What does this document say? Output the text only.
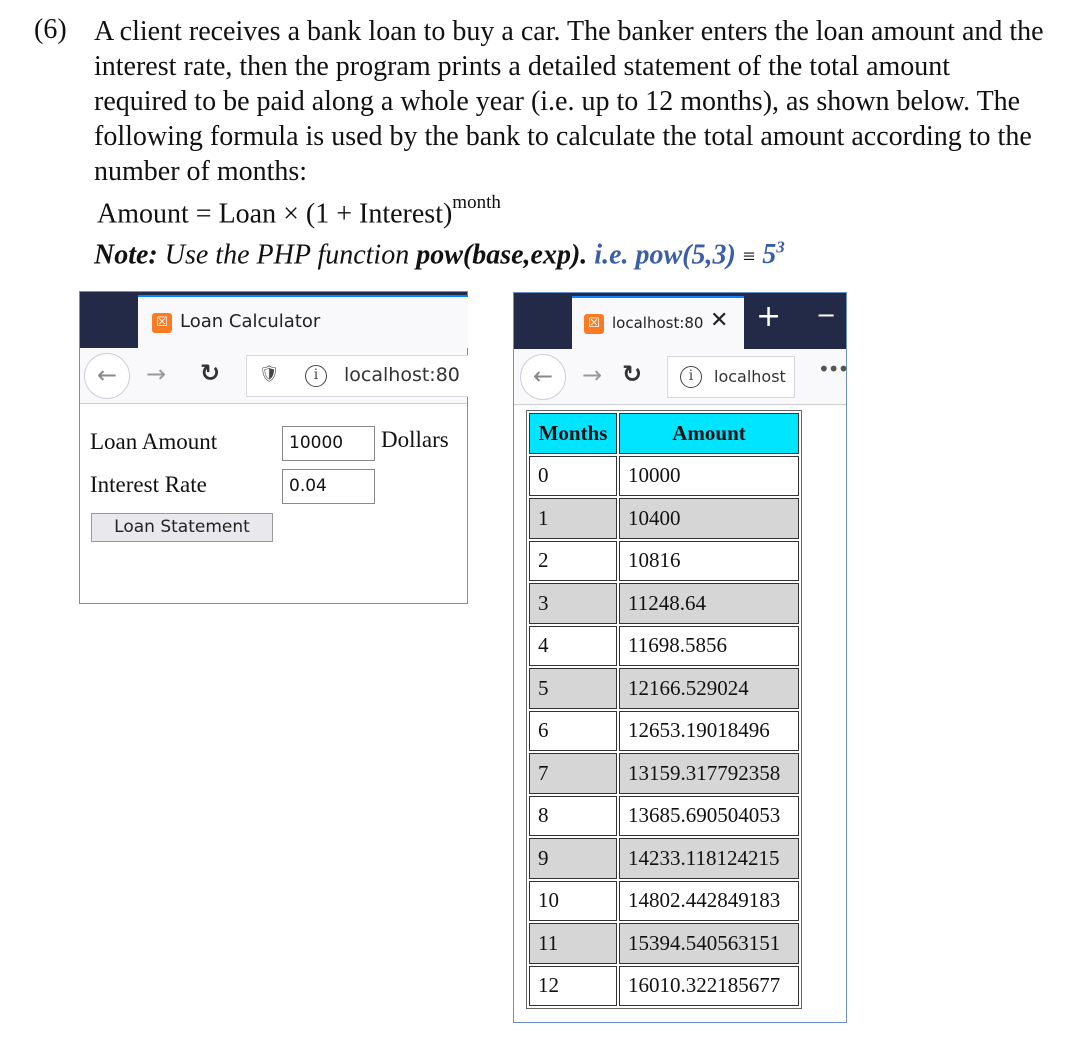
(6) A client receives a bank loan to buy a car. The banker enters the loan amount and the interest rate, then the program prints a detailed statement of the total amount required to be paid along a whole year (i.e. up to 12 months), as shown below. The following formula is used by the bank to calculate the total amount according to the number of months:
Amount = Loan × (1 + Interest)$^{month}$
Note: Use the PHP function pow(base,exp). i.e. $pow(5,3) \equiv 5^3$
☒ Loan Calculator
←	→ ↻ 🛡	i	localhost:80
Loan Amount	10000	Dollars
Interest Rate	0.04
Loan Statement
☒ localhost:80 ✕ + −
←	→ ↻	i	localhost •••
Months	Amount
0	10000
1	10400
2	10816
3	11248.64
4	11698.5856
5	12166.529024
6	12653.19018496
7	13159.317792358
8	13685.690504053
9	14233.118124215
10	14802.442849183
11	15394.540563151
12	16010.322185677
